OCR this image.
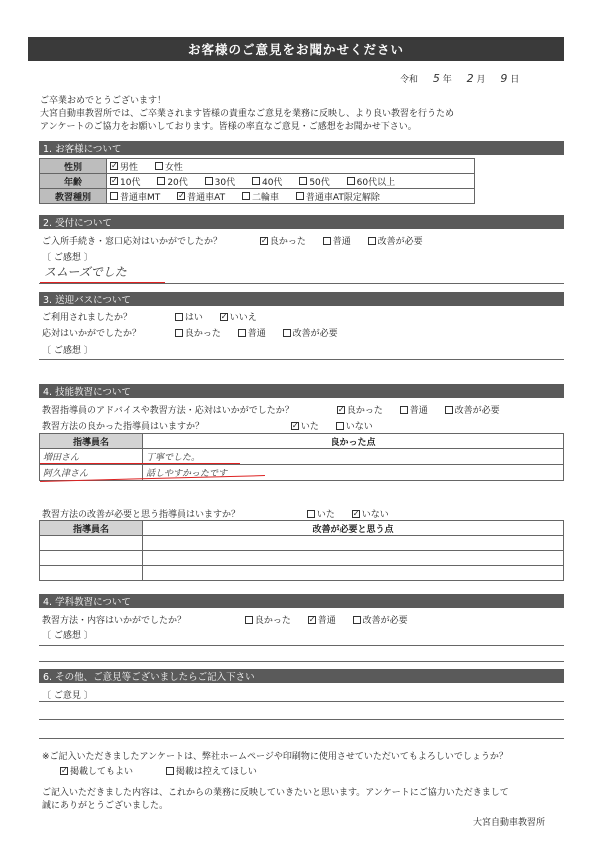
お客様のご意見をお聞かせください
令和 5 年 2 月 9 日
ご卒業おめでとうございます！
大宮自動車教習所では、ご卒業されます皆様の貴重なご意見を業務に反映し、より良い教習を行うため
アンケートのご協力をお願いしております。皆様の率直なご意見・ご感想をお聞かせ下さい。
1. お客様について
性別	✓ 男性 女性
年齢	✓ 10代 20代 30代 40代 50代 60代以上
教習種別	普通車MT ✓ 普通車AT 二輪車 普通車AT限定解除
2. 受付について
ご入所手続き・窓口応対はいかがでしたか？	✓ 良かった	普通	改善が必要
〔 ご感想 〕
スムーズでした
3. 送迎バスについて
ご利用されましたか？	はい ✓ いいえ
応対はいかがでしたか？	良かった	普通	改善が必要
〔 ご感想 〕
4. 技能教習について
教習指導員のアドバイスや教習方法・応対はいかがでしたか？	✓ 良かった	普通	改善が必要
教習方法の良かった指導員はいますか？	✓ いた	いない
指導員名	良かった点
増田さん	丁寧でした。
阿久津さん	話しやすかったです
教習方法の改善が必要と思う指導員はいますか？	いた ✓ いない
指導員名	改善が必要と思う点

4. 学科教習について
教習方法・内容はいかがでしたか？	良かった ✓ 普通	改善が必要
〔 ご感想 〕
6. その他、ご意見等ございましたらご記入下さい
〔 ご意見 〕
※ご記入いただきましたアンケートは、弊社ホームページや印刷物に使用させていただいてもよろしいでしょうか？
✓ 掲載してもよい	掲載は控えてほしい
ご記入いただきました内容は、これからの業務に反映していきたいと思います。アンケートにご協力いただきまして
誠にありがとうございました。
大宮自動車教習所
